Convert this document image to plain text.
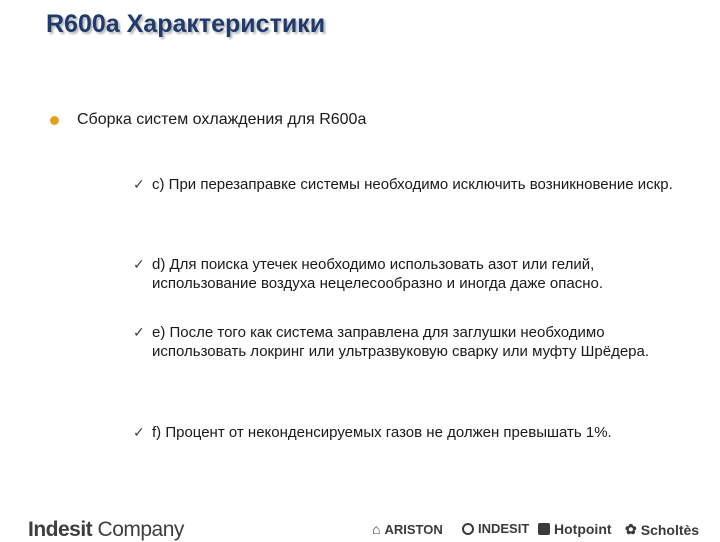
R600a Характеристики
Сборка систем охлаждения для R600a
✓ c) При перезаправке системы необходимо исключить возникновение искр.
✓ d) Для поиска утечек необходимо использовать азот или гелий, использование воздуха нецелесообразно и иногда даже опасно.
✓ e) После того как система заправлена для заглушки необходимо использовать локринг или ультразвуковую сварку или муфту Шрёдера.
✓ f) Процент от неконденсируемых газов не должен превышать 1%.
Indesit Company	⌂ ARISTON	INDESIT Hotpoint ✿ Scholtès
